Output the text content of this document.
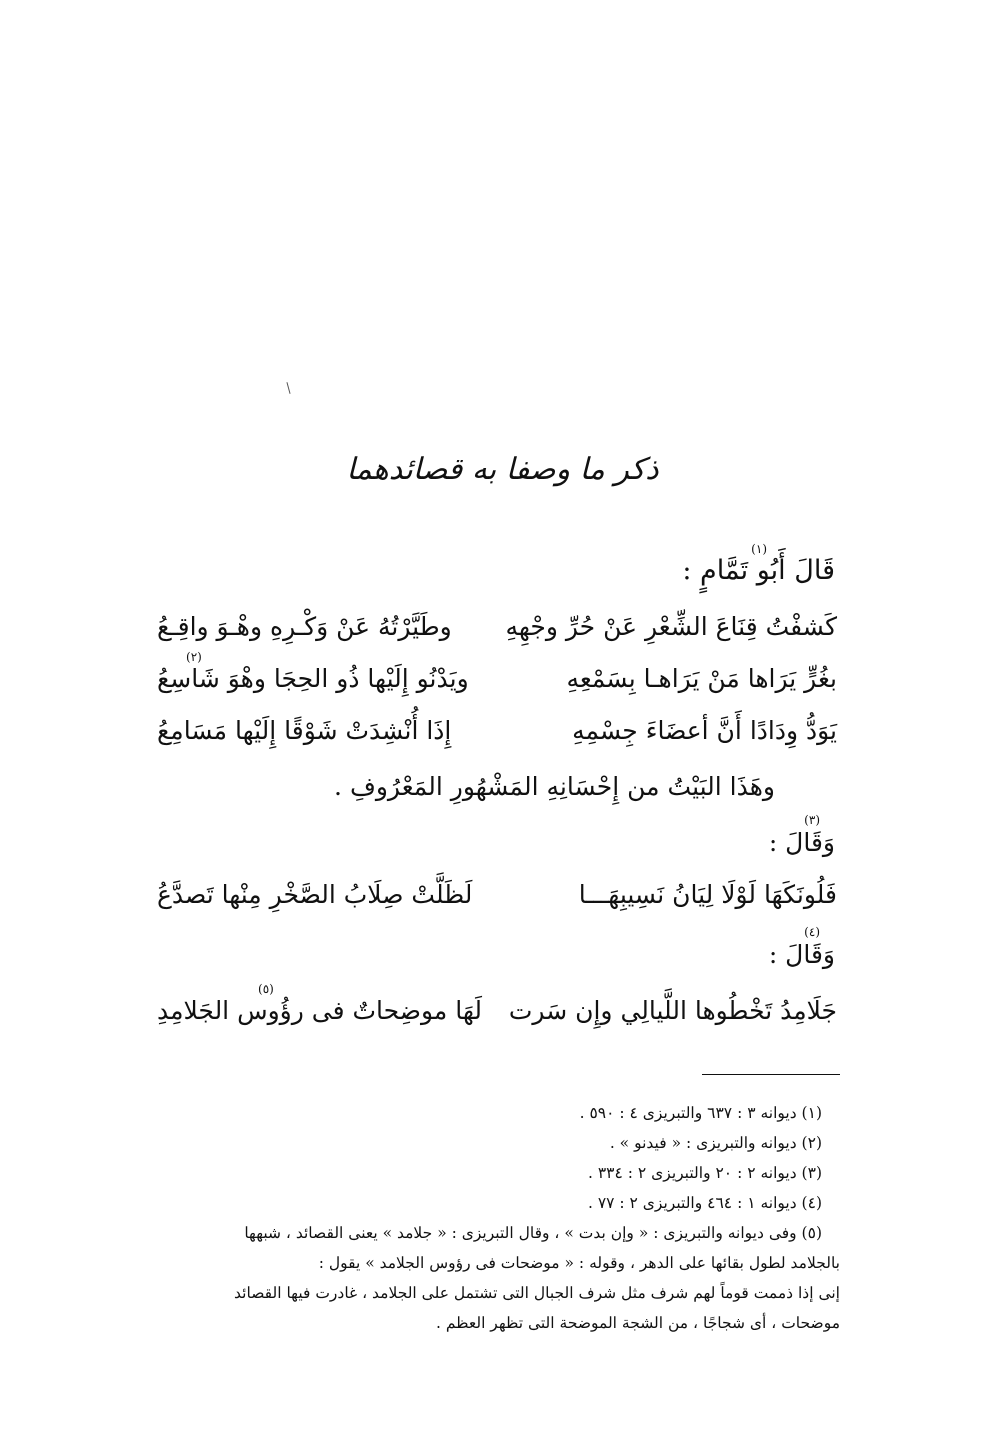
ذكر ما وصفا به قصائدهما
(١)
قَالَ أَبُو تَمَّامٍ :
كَشفْتُ قِنَاعَ الشِّعْرِ عَنْ حُرِّ وجْهِهِ
وطَيَّرْتُهُ عَنْ وَكْـرِهِ وهْـوَ واقِـعُ
(٢)
بغُرٍّ يَرَاها مَنْ يَرَاهـا بِسَمْعِهِ
ويَدْنُو إِلَيْها ذُو الحِجَا وهْوَ شَاسِعُ
يَوَدُّ وِدَادًا أَنَّ أعضَاءَ جِسْمِهِ
إِذَا أُنْشِدَتْ شَوْقًا إِلَيْها مَسَامِعُ
وهَذَا البَيْتُ من إِحْسَانِهِ المَشْهُورِ المَعْرُوفِ .
(٣)
وَقَالَ :
فَلُونَكَهَا لَوْلَا لِيَانُ نَسِيبِهَـــا
لَظَلَّتْ صِلَابُ الصَّخْرِ مِنْها تَصدَّعُ
(٤)
وَقَالَ :
(٥)
جَلَامِدُ تَخْطُوها اللَّيالِي وإِن سَرت
لَهَا موضِحاتٌ فى رؤُوس الجَلامِدِ
(١) ديوانه ٣ : ٦٣٧ والتبريزى ٤ : ٥٩٠ .
(٢) ديوانه والتبريزى : « فيدنو » .
(٣) ديوانه ٢ : ٢٠ والتبريزى ٢ : ٣٣٤ .
(٤) ديوانه ١ : ٤٦٤ والتبريزى ٢ : ٧٧ .
(٥) وفى ديوانه والتبريزى : « وإن بدت » ، وقال التبريزى : « جلامد » يعنى القصائد ، شبهها
بالجلامد لطول بقائها على الدهر ، وقوله : « موضحات فى رؤوس الجلامد » يقول :
إنى إذا ذممت قوماً لهم شرف مثل شرف الجبال التى تشتمل على الجلامد ، غادرت فيها القصائد
موضحات ، أى شجاجًا ، من الشجة الموضحة التى تظهر العظم .
